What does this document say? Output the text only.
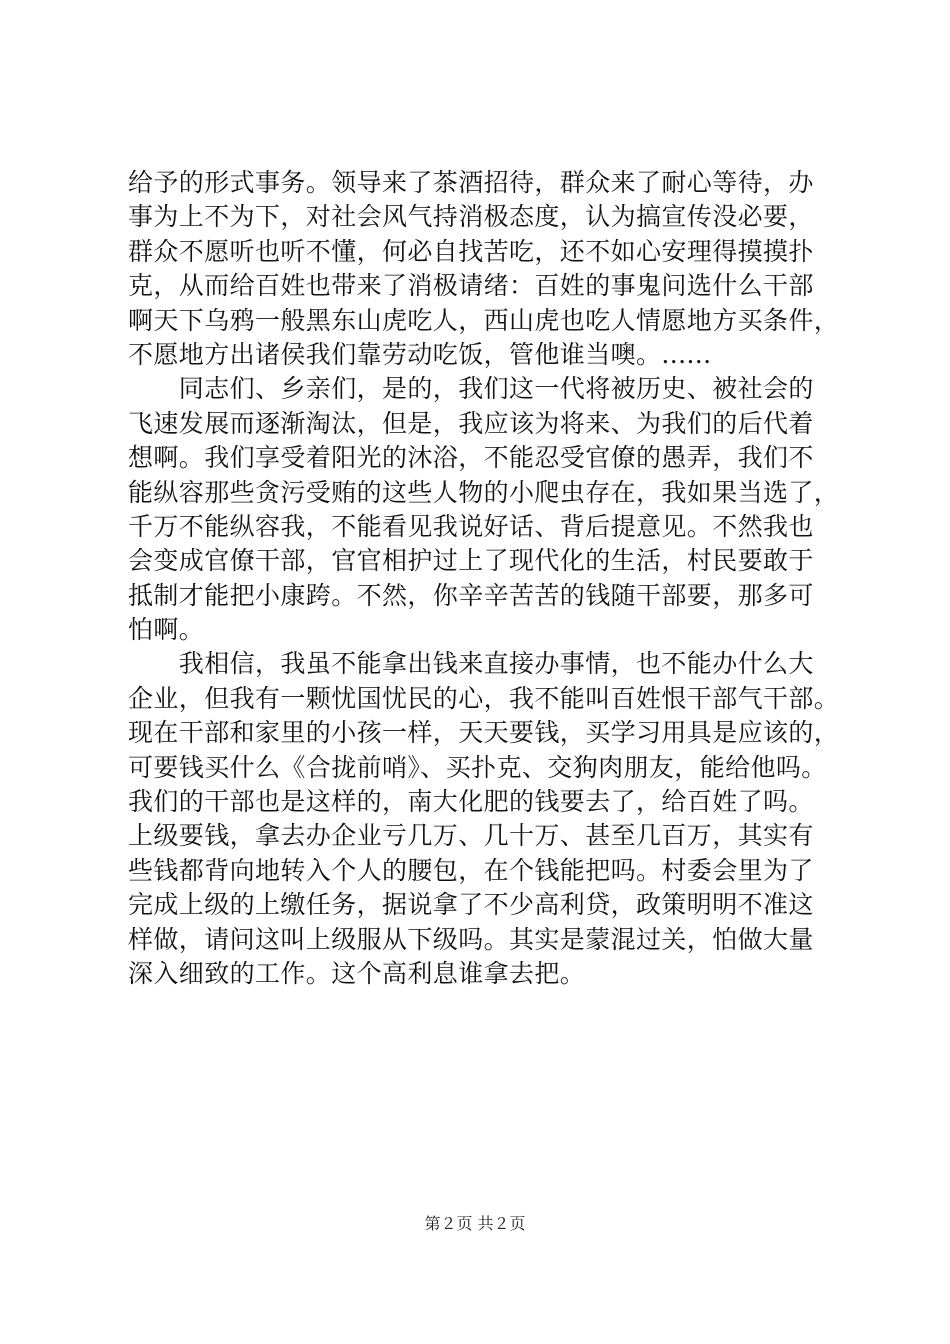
给予的形式事务。领导来了茶酒招待，群众来了耐心等待，办
事为上不为下，对社会风气持消极态度，认为搞宣传没必要，
群众不愿听也听不懂，何必自找苦吃，还不如心安理得摸摸扑
克，从而给百姓也带来了消极请绪：百姓的事鬼问选什么干部
啊天下乌鸦一般黑东山虎吃人，西山虎也吃人情愿地方买条件，
不愿地方出诸侯我们靠劳动吃饭，管他谁当噢。......
　　同志们、乡亲们，是的，我们这一代将被历史、被社会的
飞速发展而逐渐淘汰，但是，我应该为将来、为我们的后代着
想啊。我们享受着阳光的沐浴，不能忍受官僚的愚弄，我们不
能纵容那些贪污受贿的这些人物的小爬虫存在，我如果当选了，
千万不能纵容我，不能看见我说好话、背后提意见。不然我也
会变成官僚干部，官官相护过上了现代化的生活，村民要敢于
抵制才能把小康跨。不然，你辛辛苦苦的钱随干部要，那多可
怕啊。
　　我相信，我虽不能拿出钱来直接办事情，也不能办什么大
企业，但我有一颗忧国忧民的心，我不能叫百姓恨干部气干部。
现在干部和家里的小孩一样，天天要钱，买学习用具是应该的，
可要钱买什么《合拢前哨》、买扑克、交狗肉朋友，能给他吗。
我们的干部也是这样的，南大化肥的钱要去了，给百姓了吗。
上级要钱，拿去办企业亏几万、几十万、甚至几百万，其实有
些钱都背向地转入个人的腰包，在个钱能把吗。村委会里为了
完成上级的上缴任务，据说拿了不少高利贷，政策明明不准这
样做，请问这叫上级服从下级吗。其实是蒙混过关，怕做大量
深入细致的工作。这个高利息谁拿去把。
第２页 共２页
